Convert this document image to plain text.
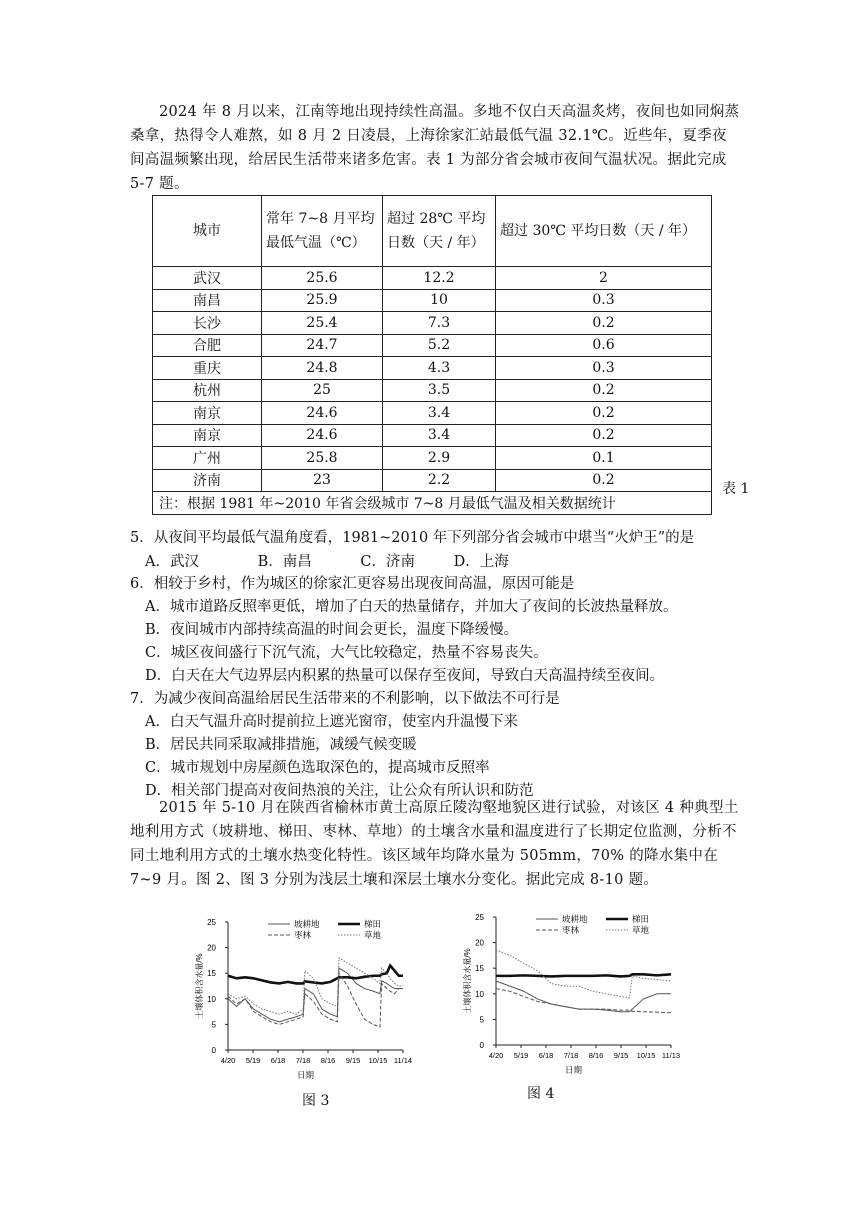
2024 年 8 月以来，江南等地出现持续性高温。多地不仅白天高温炙烤，夜间也如同焖蒸桑拿，热得令人难熬，如 8 月 2 日凌晨，上海徐家汇站最低气温 32.1℃。近些年，夏季夜间高温频繁出现，给居民生活带来诸多危害。表 1 为部分省会城市夜间气温状况。据此完成 5-7 题。
城市	常年 7~8 月平均最低气温（℃）	超过 28℃ 平均日数（天 / 年）	超过 30℃ 平均日数（天 / 年）
武汉	25.6	12.2	2
南昌	25.9	10	0.3
长沙	25.4	7.3	0.2
合肥	24.7	5.2	0.6
重庆	24.8	4.3	0.3
杭州	25	3.5	0.2
南京	24.6	3.4	0.2
南京	24.6	3.4	0.2
广州	25.8	2.9	0.1
济南	23	2.2	0.2
注：根据 1981 年~2010 年省会级城市 7~8 月最低气温及相关数据统计			
表 1
5．从夜间平均最低气温角度看，1981~2010 年下列部分省会城市中堪当“火炉王”的是
A．武汉	B．南昌	C．济南	D．上海
6．相较于乡村，作为城区的徐家汇更容易出现夜间高温，原因可能是
A．城市道路反照率更低，增加了白天的热量储存，并加大了夜间的长波热量释放。
B．夜间城市内部持续高温的时间会更长，温度下降缓慢。
C．城区夜间盛行下沉气流，大气比较稳定，热量不容易丧失。
D．白天在大气边界层内积累的热量可以保存至夜间，导致白天高温持续至夜间。
7．为减少夜间高温给居民生活带来的不利影响，以下做法不可行是
A．白天气温升高时提前拉上遮光窗帘，使室内升温慢下来
B．居民共同采取减排措施，减缓气候变暖
C．城市规划中房屋颜色选取深色的，提高城市反照率
D．相关部门提高对夜间热浪的关注，让公众有所认识和防范
2015 年 5-10 月在陕西省榆林市黄土高原丘陵沟壑地貌区进行试验，对该区 4 种典型土地利用方式（坡耕地、梯田、枣林、草地）的土壤含水量和温度进行了长期定位监测，分析不同土地利用方式的土壤水热变化特性。该区域年均降水量为 505mm，70% 的降水集中在 7~9 月。图 2、图 3 分别为浅层土壤和深层土壤水分变化。据此完成 8-10 题。
0
5
10
15
20
25
4/20 5/19 6/18 7/18 8/16 9/15 10/15 11/14
日期
土壤体积含水量/%
坡耕地	梯田
枣林	草地
图 3
0
5
10
15
20
25
4/20 5/19 6/18 7/18 8/16 9/15 10/15 11/13
日期
土壤体积含水量/%
坡耕地	梯田
枣林	草地
图 4
